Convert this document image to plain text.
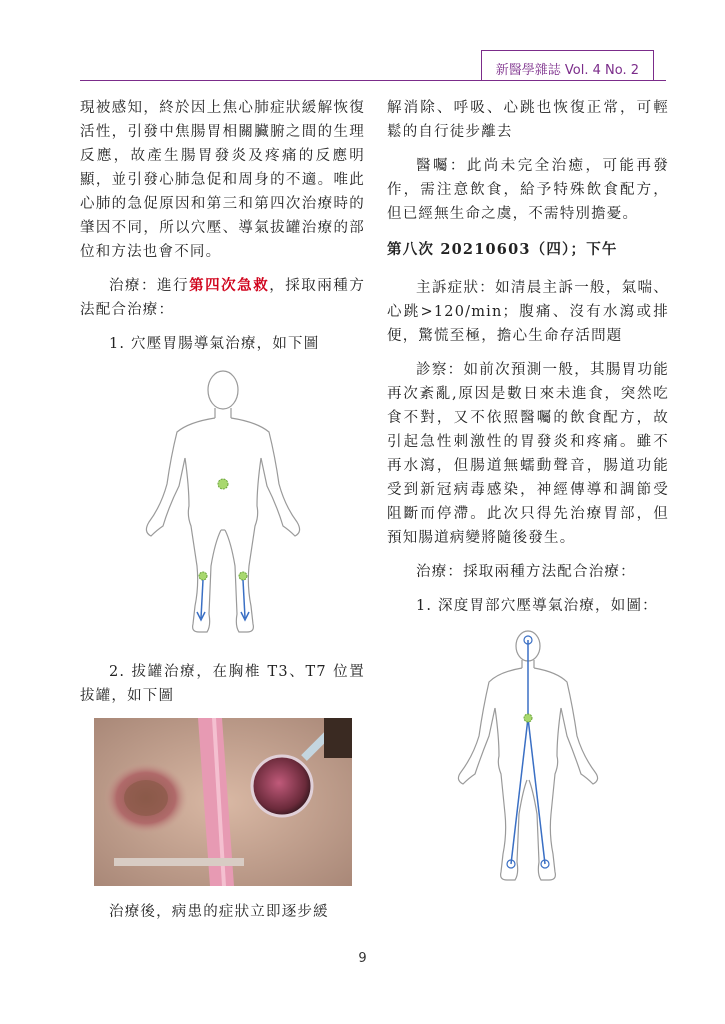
新醫學雜誌 Vol. 4 No. 2

現被感知，終於因上焦心肺症狀緩解恢復活性，引發中焦腸胃相關臟腑之間的生理反應，故產生腸胃發炎及疼痛的反應明顯，並引發心肺急促和周身的不適。唯此心肺的急促原因和第三和第四次治療時的肇因不同，所以穴壓、導氣拔罐治療的部位和方法也會不同。

治療：進行第四次急救，採取兩種方法配合治療：

1. 穴壓胃腸導氣治療，如下圖

2. 拔罐治療，在胸椎 T3、T7 位置拔罐，如下圖

治療後，病患的症狀立即逐步緩

解消除、呼吸、心跳也恢復正常，可輕鬆的自行徒步離去

醫囑：此尚未完全治癒，可能再發作，需注意飲食，給予特殊飲食配方，但已經無生命之虞，不需特別擔憂。

第八次 20210603（四）；下午

主訴症狀：如清晨主訴一般，氣喘、心跳>120/min；腹痛、沒有水瀉或排便，驚慌至極，擔心生命存活問題

診察：如前次預測一般，其腸胃功能再次紊亂,原因是數日來未進食，突然吃食不對，又不依照醫囑的飲食配方，故引起急性刺激性的胃發炎和疼痛。雖不再水瀉，但腸道無蠕動聲音，腸道功能受到新冠病毒感染，神經傳導和調節受阻斷而停滯。此次只得先治療胃部，但預知腸道病變將隨後發生。

治療：採取兩種方法配合治療：

1. 深度胃部穴壓導氣治療，如圖：

9
